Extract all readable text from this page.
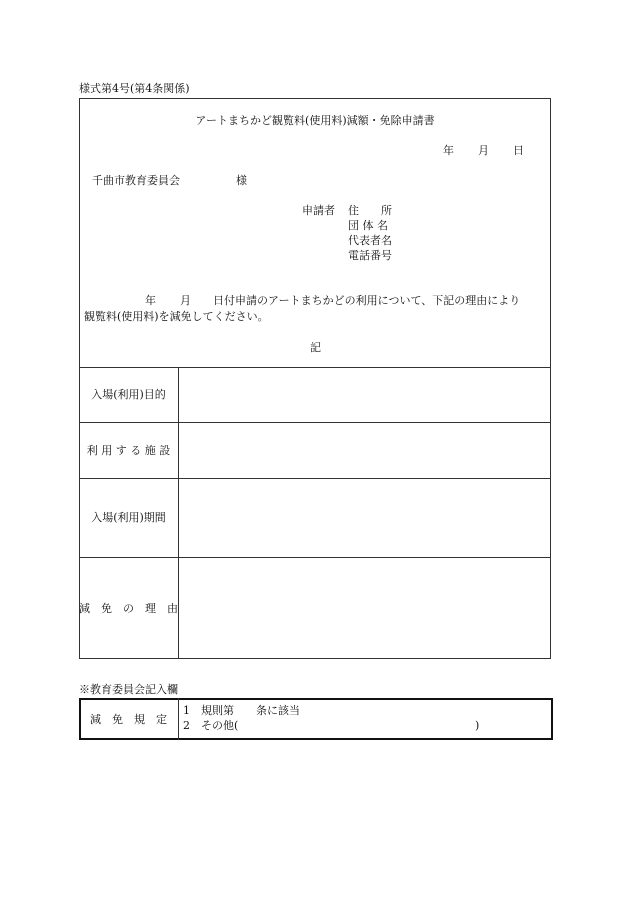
様式第4号(第4条関係)
アートまちかど観覧料(使用料)減額・免除申請書
年 月 日
千曲市教育委員会	様
申請者 住　　所
団 体 名
代表者名
電話番号
年 月 日付申請のアートまちかどの利用について、下記の理由により
観覧料(使用料)を減免してください。
記
入場(利用)目的
利 用 す る 施 設
入場(利用)期間
減　免　の　理　由
※教育委員会記入欄
減　免　規　定
1　規則第　　条に該当
2　その他(	)
